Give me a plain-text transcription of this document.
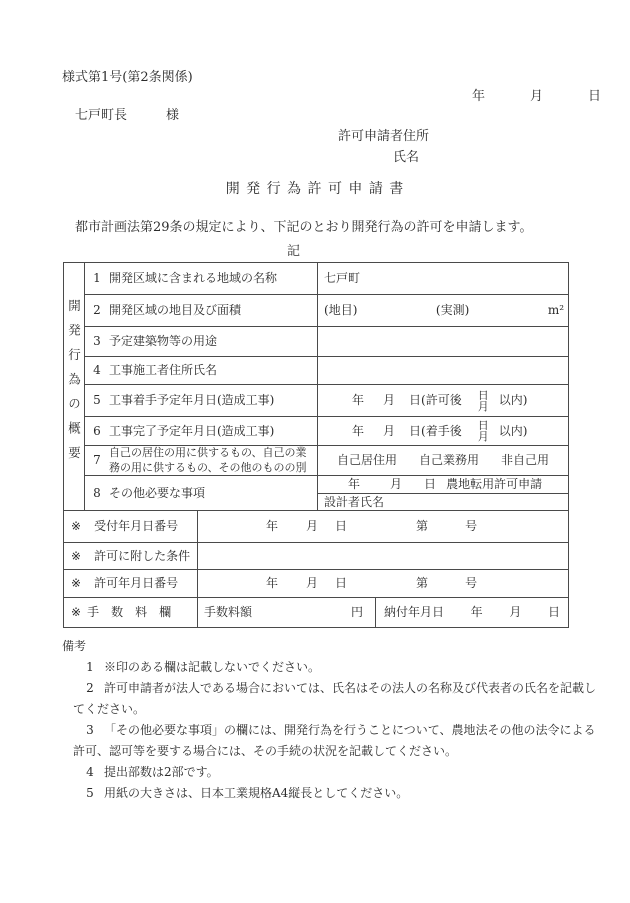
様式第1号(第2条関係)
年	月	日
七戸町長	様
許可申請者住所
氏名
開 発 行 為 許 可 申 請 書
都市計画法第29条の規定により、下記のとおり開発行為の許可を申請します。
記
開発行為の概要	1 開発区域に含まれる地域の名称		七戸町	

	2 開発区域の地目及び面積		(地目) (実測) m²	

	3 予定建築物等の用途			

	4 工事施工者住所氏名			

5 工事着手予定年月日(造成工事)	年 月 日(許可後 日
月 以内)

6 工事完了予定年月日(造成工事)	年 月 日(着手後 日
月 以内)

	7
自己の居住の用に供するもの、自己の業
務の用に供するもの、その他のものの別		自己居住用 自己業務用 非自己用	

	8 その他必要な事項		年 月 日 農地転用許可申請	

			設計者氏名	

※ 受付年月日番号		年 月 日 第 号		

※ 許可に附した条件				

※ 許可年月日番号		年 月 日 第 号		

※ 手　数　料　欄		手数料額 円		納付年月日 年 月 日
備考
1 ※印のある欄は記載しないでください。
2 許可申請者が法人である場合においては、氏名はその法人の名称及び代表者の氏名を記載し
てください。
3 「その他必要な事項」の欄には、開発行為を行うことについて、農地法その他の法令による
許可、認可等を要する場合には、その手続の状況を記載してください。
4 提出部数は2部です。
5 用紙の大きさは、日本工業規格A4縦長としてください。
